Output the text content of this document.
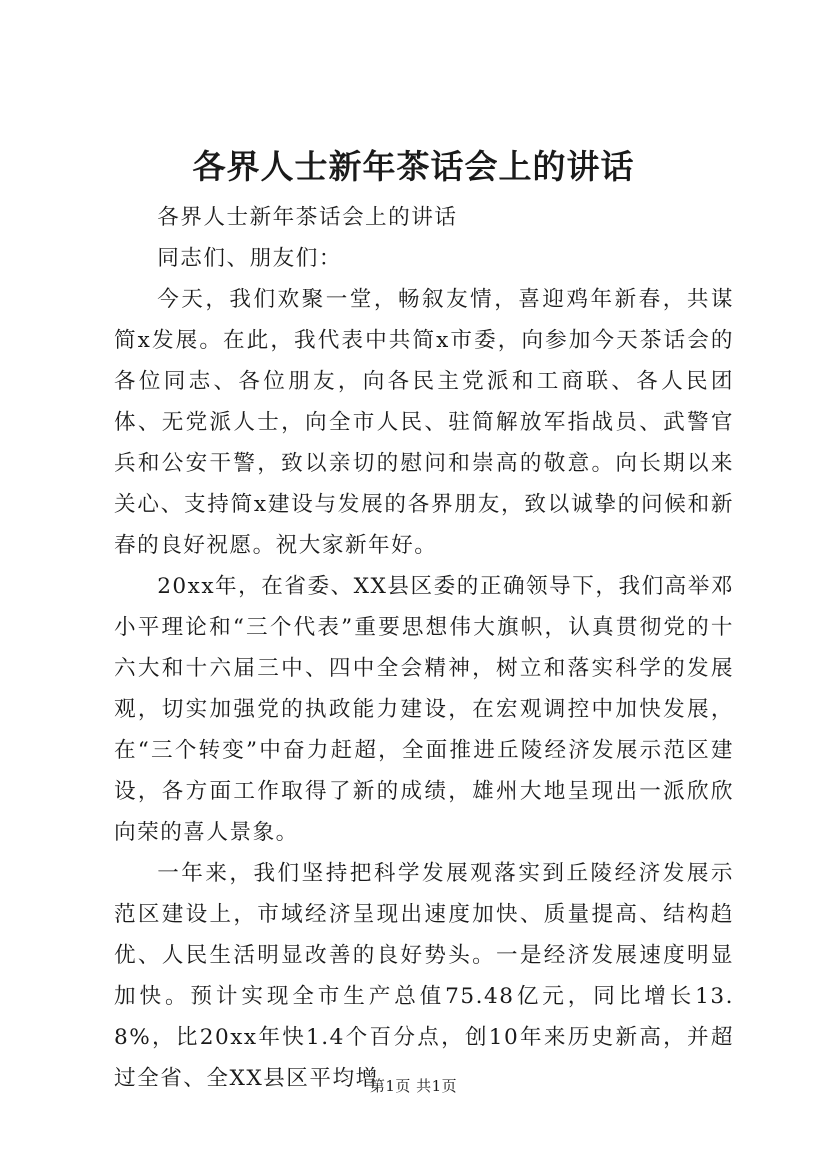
各界人士新年茶话会上的讲话

各界人士新年茶话会上的讲话

同志们、朋友们：

今天，我们欢聚一堂，畅叙友情，喜迎鸡年新春，共谋简x发展。在此，我代表中共简x市委，向参加今天茶话会的各位同志、各位朋友，向各民主党派和工商联、各人民团体、无党派人士，向全市人民、驻简解放军指战员、武警官兵和公安干警，致以亲切的慰问和崇高的敬意。向长期以来关心、支持简x建设与发展的各界朋友，致以诚挚的问候和新春的良好祝愿。祝大家新年好。

20xx年，在省委、XX县区委的正确领导下，我们高举邓小平理论和“三个代表”重要思想伟大旗帜，认真贯彻党的十六大和十六届三中、四中全会精神，树立和落实科学的发展观，切实加强党的执政能力建设，在宏观调控中加快发展，在“三个转变”中奋力赶超，全面推进丘陵经济发展示范区建设，各方面工作取得了新的成绩，雄州大地呈现出一派欣欣向荣的喜人景象。

一年来，我们坚持把科学发展观落实到丘陵经济发展示范区建设上，市域经济呈现出速度加快、质量提高、结构趋优、人民生活明显改善的良好势头。一是经济发展速度明显加快。预计实现全市生产总值75.48亿元，同比增长13.8%，比20xx年快1.4个百分点，创10年来历史新高，并超过全省、全XX县区平均增

第1页 共1页
